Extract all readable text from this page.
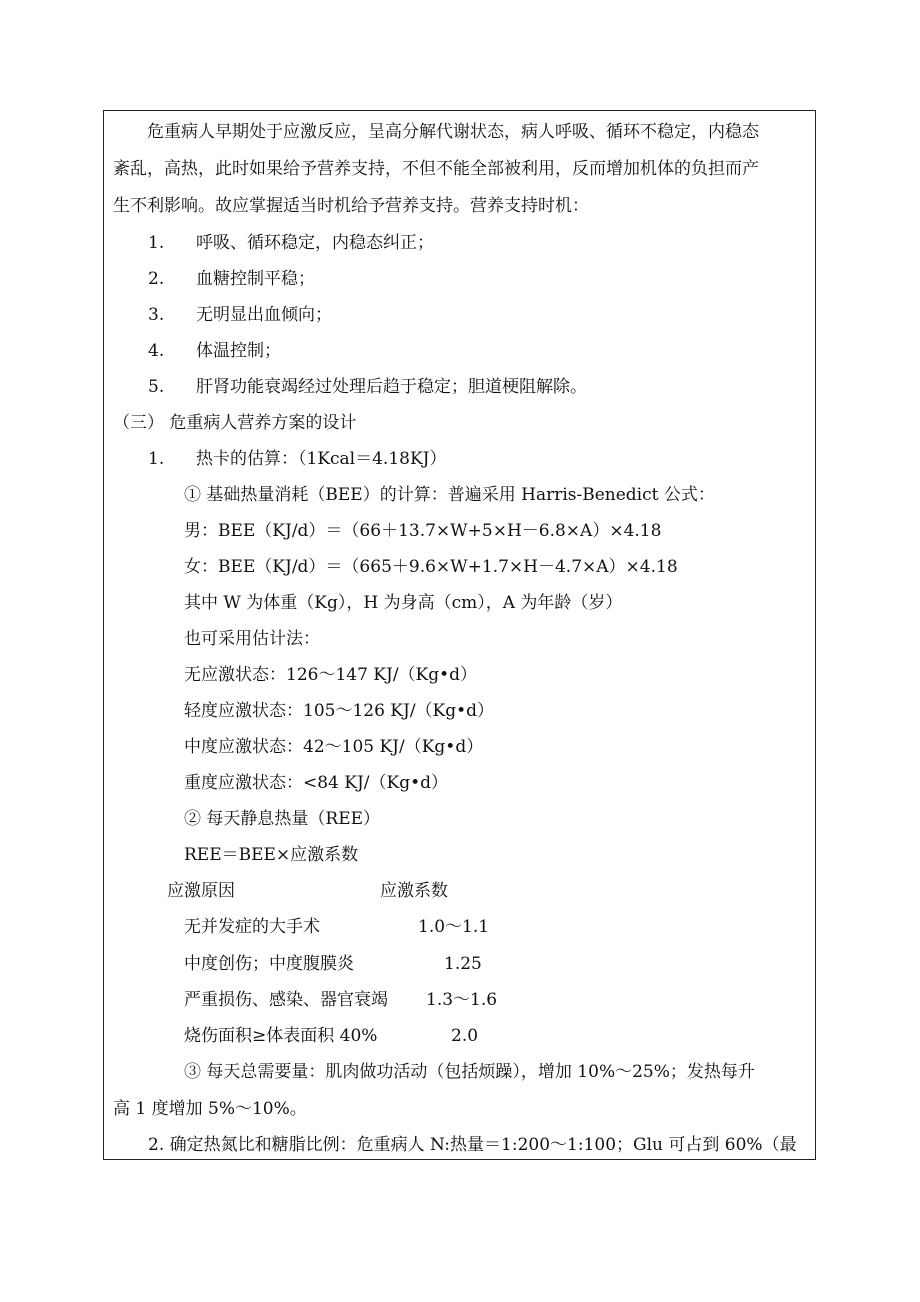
危重病人早期处于应激反应，呈高分解代谢状态，病人呼吸、循环不稳定，内稳态
紊乱，高热，此时如果给予营养支持，不但不能全部被利用，反而增加机体的负担而产
生不利影响。故应掌握适当时机给予营养支持。营养支持时机：
1. 呼吸、循环稳定，内稳态纠正；
2. 血糖控制平稳；
3. 无明显出血倾向；
4. 体温控制；
5. 肝肾功能衰竭经过处理后趋于稳定；胆道梗阻解除。
（三） 危重病人营养方案的设计
1. 热卡的估算：（1Kcal＝4.18KJ）
① 基础热量消耗（BEE）的计算：普遍采用 Harris-Benedict 公式：
男：BEE（KJ/d）＝（66＋13.7×W+5×H－6.8×A）×4.18
女：BEE（KJ/d）＝（665＋9.6×W+1.7×H－4.7×A）×4.18
其中 W 为体重（Kg），H 为身高（cm），A 为年龄（岁）
也可采用估计法：
无应激状态：126～147 KJ/（Kg•d）
轻度应激状态：105～126 KJ/（Kg•d）
中度应激状态：42～105 KJ/（Kg•d）
重度应激状态：<84 KJ/（Kg•d）
② 每天静息热量（REE）
REE＝BEE×应激系数
应激原因	应激系数
无并发症的大手术	1.0～1.1
中度创伤；中度腹膜炎	1.25
严重损伤、感染、器官衰竭 1.3～1.6
烧伤面积≥体表面积 40%	2.0
③ 每天总需要量：肌肉做功活动（包括烦躁），增加 10%～25%；发热每升
高 1 度增加 5%～10%。
2. 确定热氮比和糖脂比例：危重病人 N:热量＝1:200～1:100；Glu 可占到 60%（最
